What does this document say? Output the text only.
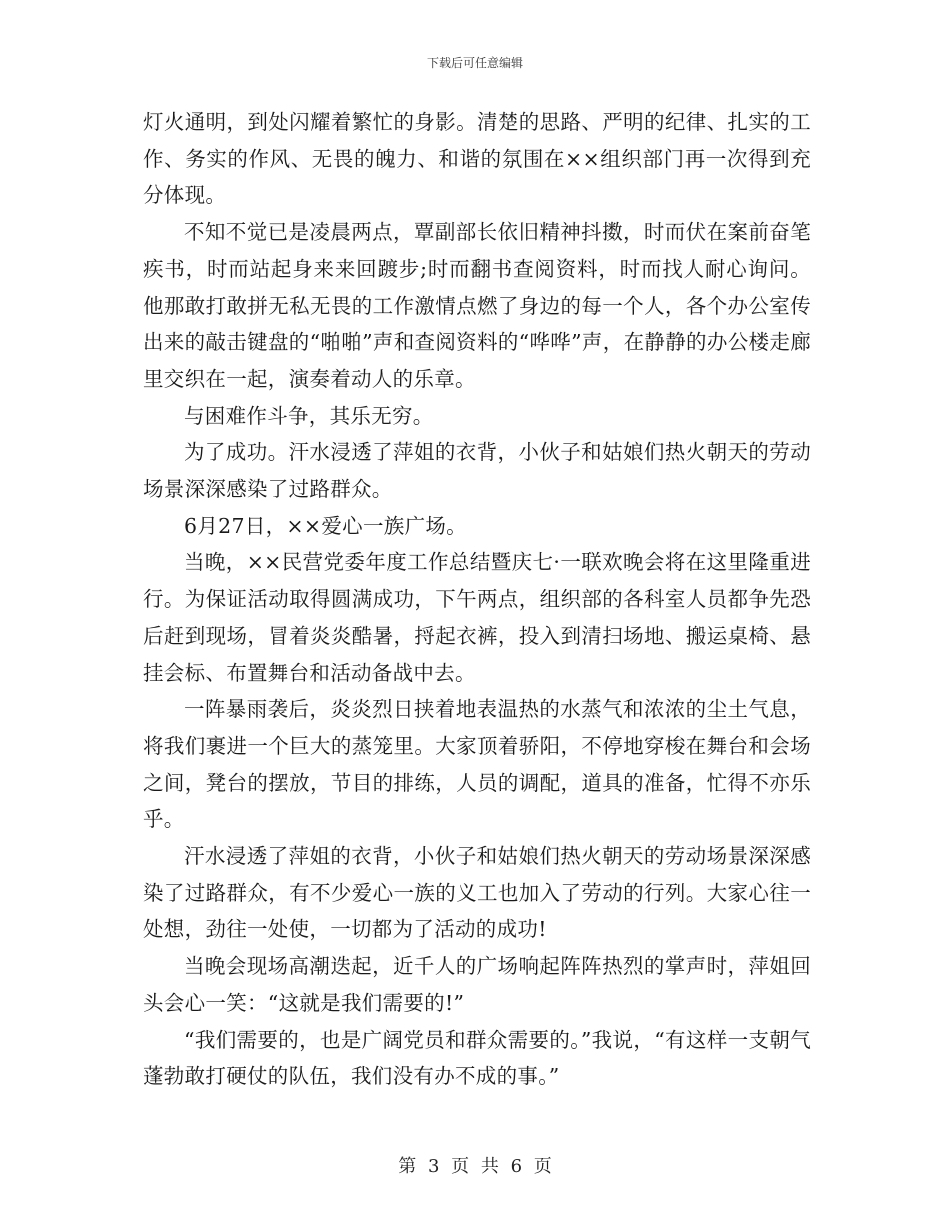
下载后可任意编辑

灯火通明，到处闪耀着繁忙的身影。清楚的思路、严明的纪律、扎实的工作、务实的作风、无畏的魄力、和谐的氛围在××组织部门再一次得到充分体现。

不知不觉已是凌晨两点，覃副部长依旧精神抖擞，时而伏在案前奋笔疾书，时而站起身来来回踱步;时而翻书查阅资料，时而找人耐心询问。他那敢打敢拼无私无畏的工作激情点燃了身边的每一个人，各个办公室传出来的敲击键盘的“啪啪”声和查阅资料的“哗哗”声，在静静的办公楼走廊里交织在一起，演奏着动人的乐章。

与困难作斗争，其乐无穷。

为了成功。汗水浸透了萍姐的衣背，小伙子和姑娘们热火朝天的劳动场景深深感染了过路群众。

6月27日，××爱心一族广场。

当晚，××民营党委年度工作总结暨庆七·一联欢晚会将在这里隆重进行。为保证活动取得圆满成功，下午两点，组织部的各科室人员都争先恐后赶到现场，冒着炎炎酷暑，捋起衣裤，投入到清扫场地、搬运桌椅、悬挂会标、布置舞台和活动备战中去。

一阵暴雨袭后，炎炎烈日挟着地表温热的水蒸气和浓浓的尘土气息，将我们裹进一个巨大的蒸笼里。大家顶着骄阳，不停地穿梭在舞台和会场之间，凳台的摆放，节目的排练，人员的调配，道具的准备，忙得不亦乐乎。

汗水浸透了萍姐的衣背，小伙子和姑娘们热火朝天的劳动场景深深感染了过路群众，有不少爱心一族的义工也加入了劳动的行列。大家心往一处想，劲往一处使，一切都为了活动的成功!

当晚会现场高潮迭起，近千人的广场响起阵阵热烈的掌声时，萍姐回头会心一笑：“这就是我们需要的!”

“我们需要的，也是广阔党员和群众需要的。”我说，“有这样一支朝气蓬勃敢打硬仗的队伍，我们没有办不成的事。”

第 3 页 共 6 页
